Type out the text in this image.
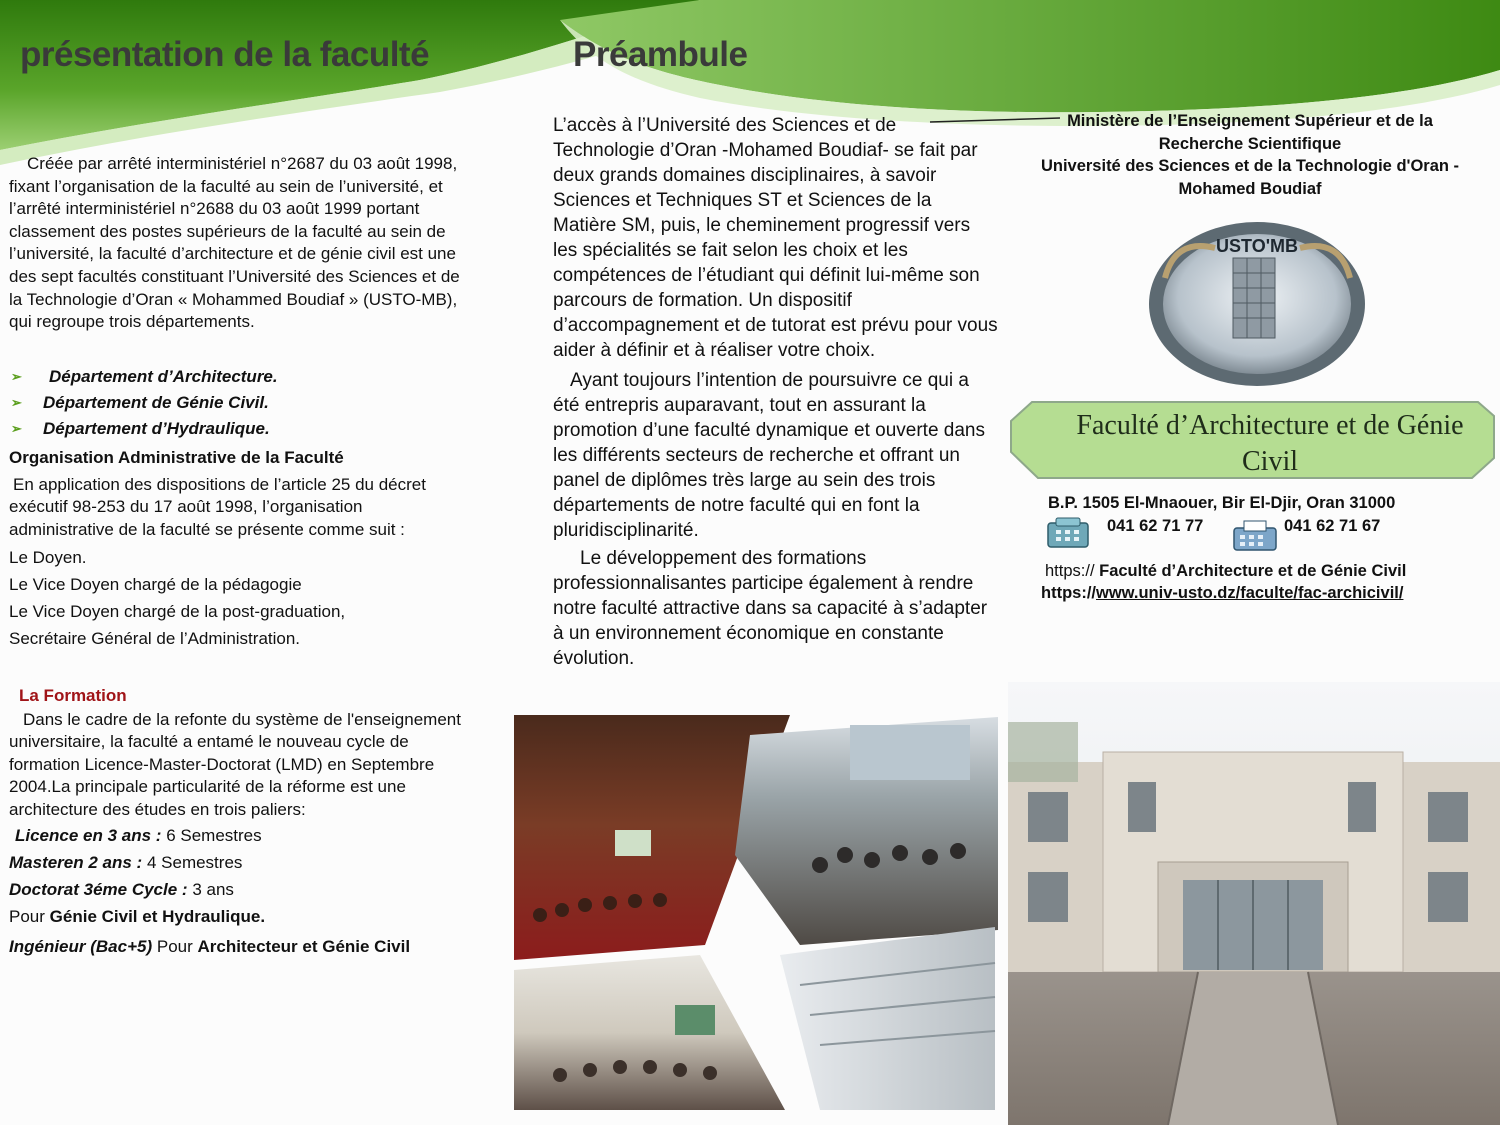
présentation de la faculté	Préambule

Créée par arrêté interministériel n°2687 du 03 août 1998, fixant l’organisation de la faculté au sein de l’université, et l’arrêté interministériel n°2688 du 03 août 1999 portant classement des postes supérieurs de la faculté au sein de l’université, la faculté d’architecture et de génie civil est une des sept facultés constituant l’Université des Sciences et de la Technologie d’Oran « Mohammed Boudiaf » (USTO-MB), qui regroupe trois départements.

➢ Département d’Architecture.
➢ Département de Génie Civil.
➢ Département d’Hydraulique.

Organisation Administrative de la Faculté

En application des dispositions de l’article 25 du décret exécutif 98-253 du 17 août 1998, l’organisation administrative de la faculté se présente comme suit :

Le Doyen.

Le Vice Doyen chargé de la pédagogie

Le Vice Doyen chargé de la post-graduation,

Secrétaire Général de l’Administration.

La Formation

Dans le cadre de la refonte du système de l'enseignement universitaire, la faculté a entamé le nouveau cycle de formation Licence-Master-Doctorat (LMD) en Septembre 2004.La principale particularité de la réforme est une architecture des études en trois paliers:

Licence en 3 ans : 6 Semestres

Masteren 2 ans : 4 Semestres

Doctorat 3éme Cycle : 3 ans

Pour Génie Civil et Hydraulique.

Ingénieur (Bac+5) Pour Architecteur et Génie Civil

L’accès à l’Université des Sciences et de Technologie d’Oran -Mohamed Boudiaf- se fait par deux grands domaines disciplinaires, à savoir Sciences et Techniques ST et Sciences de la Matière SM, puis, le cheminement progressif vers les spécialités se fait selon les choix et les compétences de l’étudiant qui définit lui-même son parcours de formation. Un dispositif d’accompagnement et de tutorat est prévu pour vous aider à définir et à réaliser votre choix.

Ayant toujours l’intention de poursuivre ce qui a été entrepris auparavant, tout en assurant la promotion d’une faculté dynamique et ouverte dans les différents secteurs de recherche et offrant un panel de diplômes très large au sein des trois départements de notre faculté qui en font la pluridisciplinarité.

Le développement des formations professionnalisantes participe également à rendre notre faculté attractive dans sa capacité à s’adapter à un environnement économique en constante évolution.

Ministère de l’Enseignement Supérieur et de la Recherche Scientifique
Université des Sciences et de la Technologie d'Oran -Mohamed Boudiaf
USTO'MB
Faculté d’Architecture et de Génie Civil
B.P. 1505 El-Mnaouer, Bir El-Djir, Oran 31000
041 62 71 77	041 62 71 67
https:// Faculté d’Architecture et de Génie Civil
https://www.univ-usto.dz/faculte/fac-archicivil/
